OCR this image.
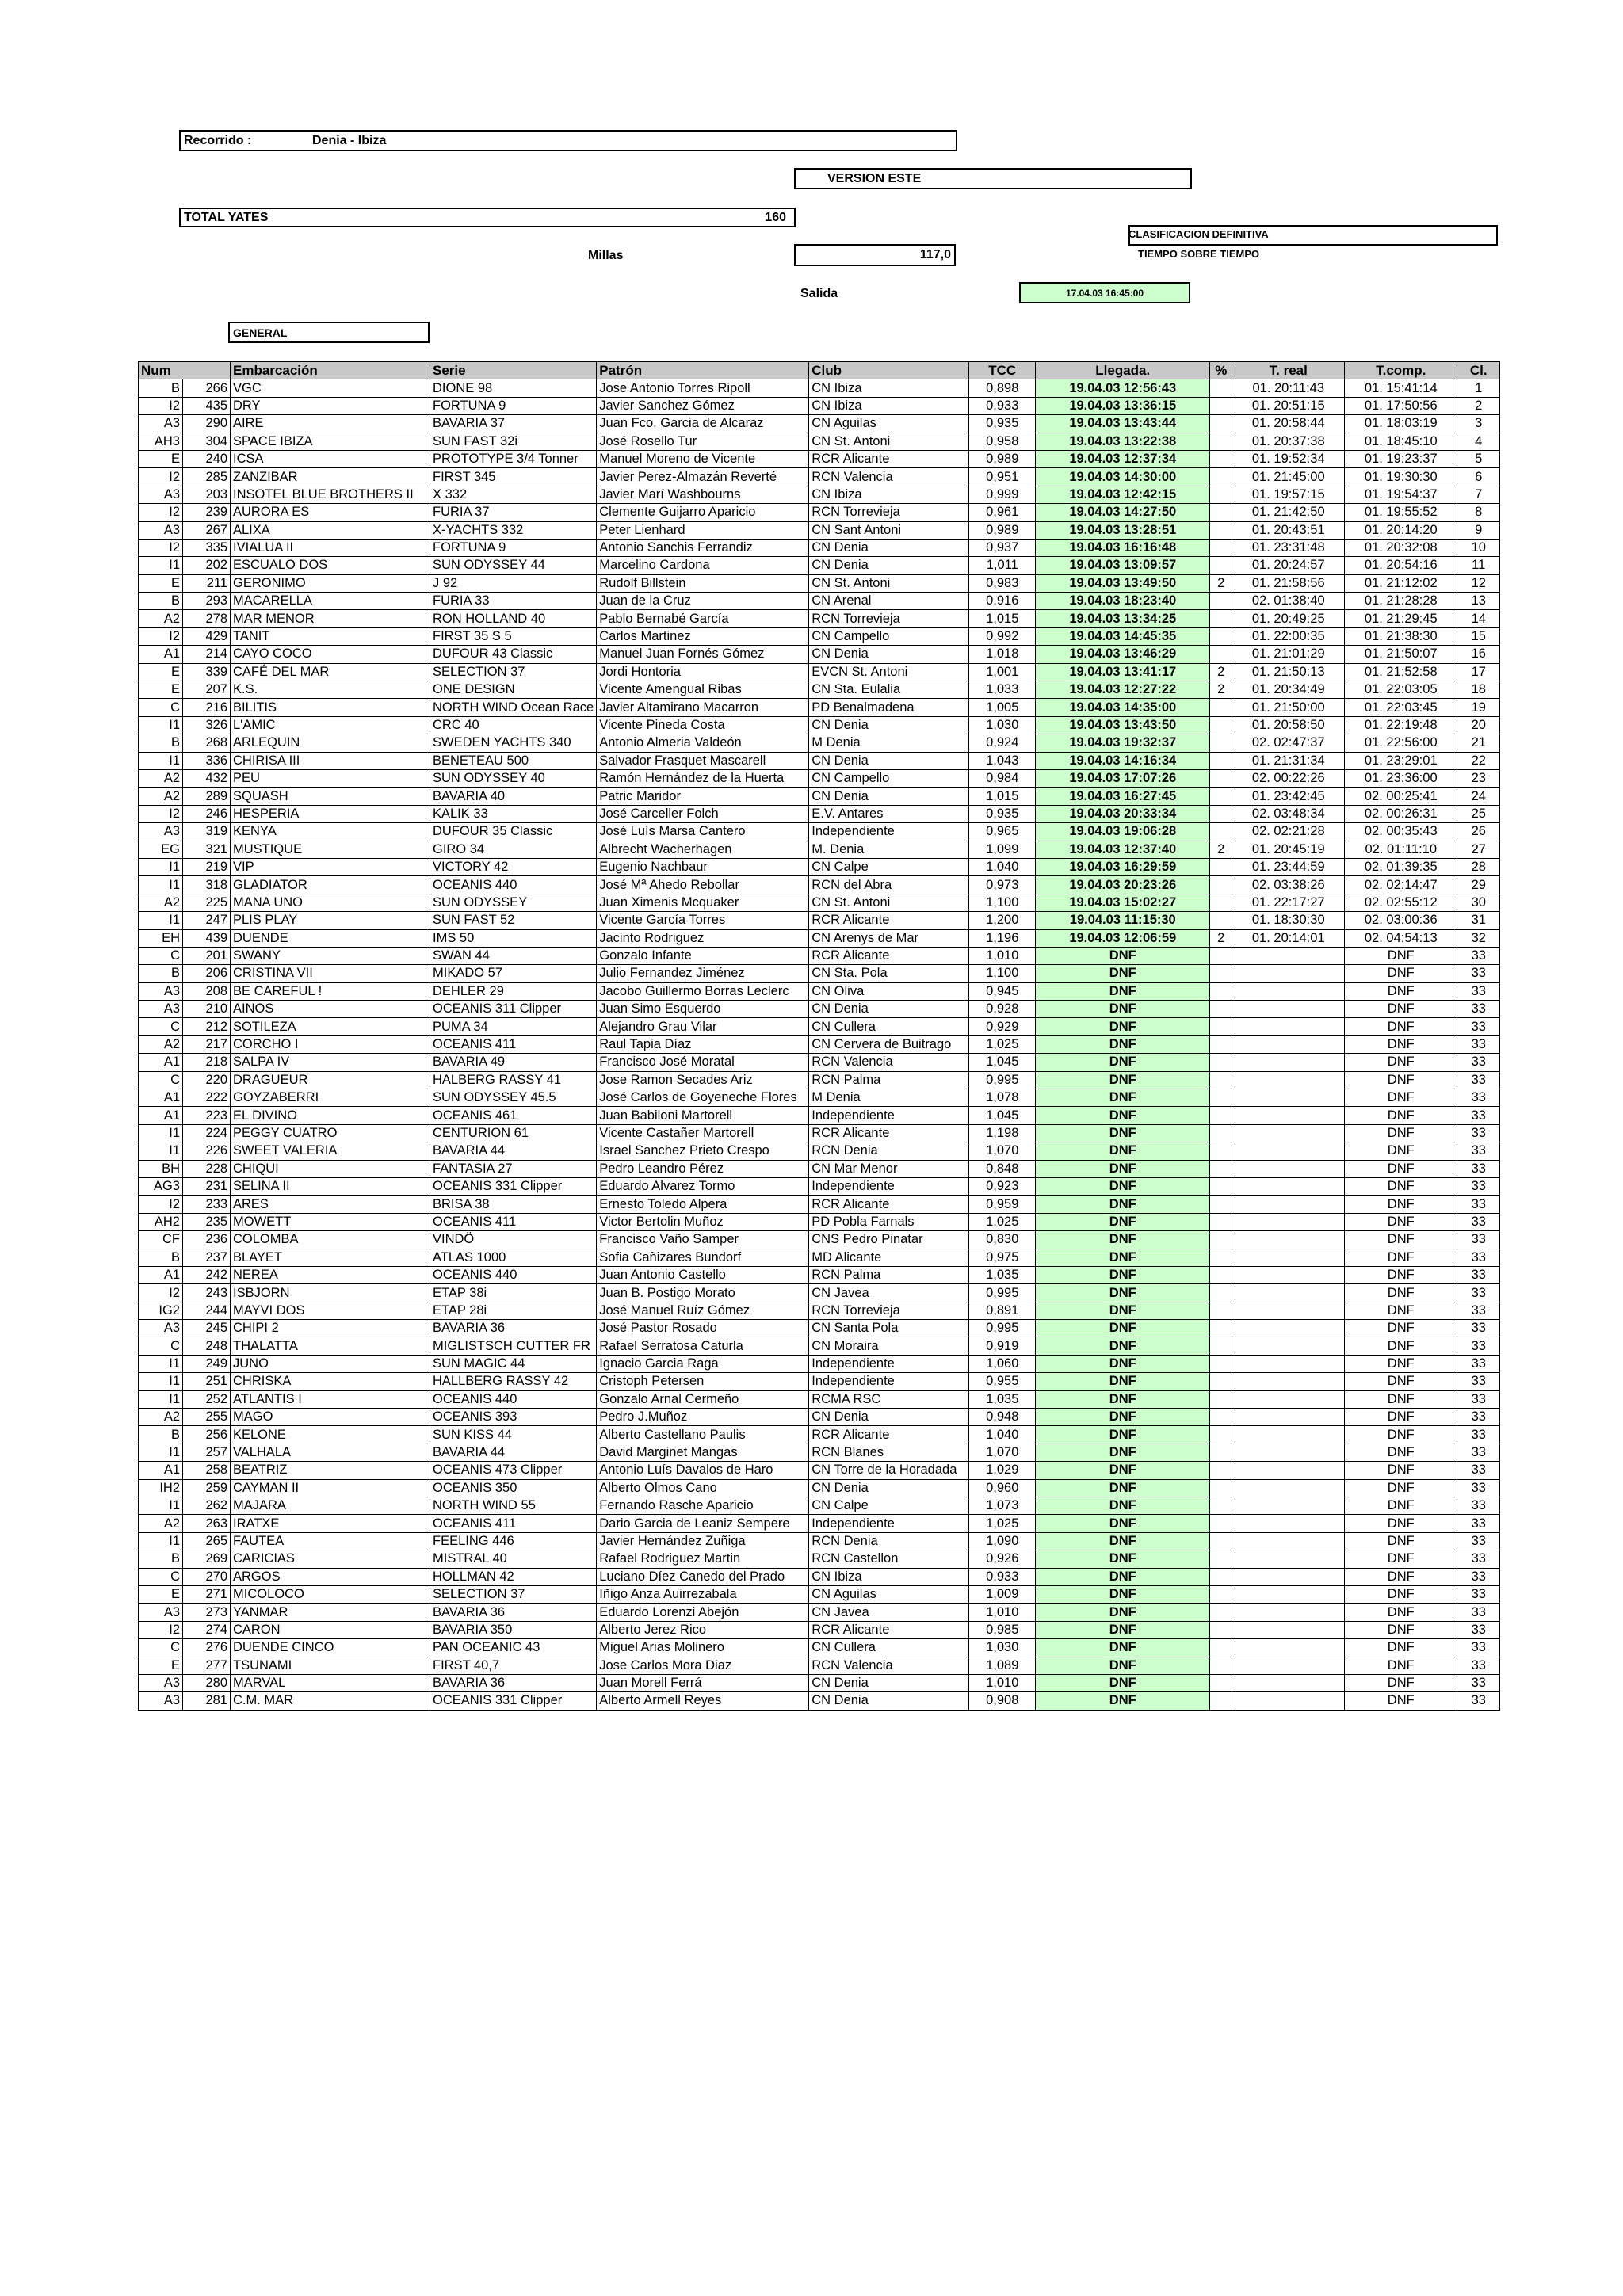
Recorrido :	Denia - Ibiza
VERSION ESTE
TOTAL YATES	160
CLASIFICACION DEFINITIVA
TIEMPO SOBRE TIEMPO
Millas	117,0
Salida	17.04.03 16:45:00
GENERAL
Num		Embarcación	Serie	Patrón	Club	TCC	Llegada.	%	T. real	T.comp.	Cl.
B	266	VGC	DIONE 98	Jose Antonio Torres Ripoll	CN Ibiza	0,898	19.04.03 12:56:43		01. 20:11:43	01. 15:41:14	1
I2	435	DRY	FORTUNA 9	Javier Sanchez Gómez	CN Ibiza	0,933	19.04.03 13:36:15		01. 20:51:15	01. 17:50:56	2
A3	290	AIRE	BAVARIA 37	Juan Fco. Garcia de Alcaraz	CN Aguilas	0,935	19.04.03 13:43:44		01. 20:58:44	01. 18:03:19	3
AH3	304	SPACE IBIZA	SUN FAST 32i	José Rosello Tur	CN St. Antoni	0,958	19.04.03 13:22:38		01. 20:37:38	01. 18:45:10	4
E	240	ICSA	PROTOTYPE 3/4 Tonner	Manuel Moreno de Vicente	RCR Alicante	0,989	19.04.03 12:37:34		01. 19:52:34	01. 19:23:37	5
I2	285	ZANZIBAR	FIRST 345	Javier Perez-Almazán Reverté	RCN Valencia	0,951	19.04.03 14:30:00		01. 21:45:00	01. 19:30:30	6
A3	203	INSOTEL BLUE BROTHERS II	X 332	Javier Marí Washbourns	CN Ibiza	0,999	19.04.03 12:42:15		01. 19:57:15	01. 19:54:37	7
I2	239	AURORA ES	FURIA 37	Clemente Guijarro Aparicio	RCN Torrevieja	0,961	19.04.03 14:27:50		01. 21:42:50	01. 19:55:52	8
A3	267	ALIXA	X-YACHTS 332	Peter Lienhard	CN Sant Antoni	0,989	19.04.03 13:28:51		01. 20:43:51	01. 20:14:20	9
I2	335	IVIALUA II	FORTUNA 9	Antonio Sanchis Ferrandiz	CN Denia	0,937	19.04.03 16:16:48		01. 23:31:48	01. 20:32:08	10
I1	202	ESCUALO DOS	SUN ODYSSEY 44	Marcelino Cardona	CN Denia	1,011	19.04.03 13:09:57		01. 20:24:57	01. 20:54:16	11
E	211	GERONIMO	J 92	Rudolf Billstein	CN St. Antoni	0,983	19.04.03 13:49:50	2	01. 21:58:56	01. 21:12:02	12
B	293	MACARELLA	FURIA 33	Juan de la Cruz	CN Arenal	0,916	19.04.03 18:23:40		02. 01:38:40	01. 21:28:28	13
A2	278	MAR MENOR	RON HOLLAND 40	Pablo Bernabé García	RCN Torrevieja	1,015	19.04.03 13:34:25		01. 20:49:25	01. 21:29:45	14
I2	429	TANIT	FIRST 35 S 5	Carlos Martinez	CN Campello	0,992	19.04.03 14:45:35		01. 22:00:35	01. 21:38:30	15
A1	214	CAYO COCO	DUFOUR 43 Classic	Manuel Juan Fornés Gómez	CN Denia	1,018	19.04.03 13:46:29		01. 21:01:29	01. 21:50:07	16
E	339	CAFÉ DEL MAR	SELECTION 37	Jordi Hontoria	EVCN St. Antoni	1,001	19.04.03 13:41:17	2	01. 21:50:13	01. 21:52:58	17
E	207	K.S.	ONE DESIGN	Vicente Amengual Ribas	CN Sta. Eulalia	1,033	19.04.03 12:27:22	2	01. 20:34:49	01. 22:03:05	18
C	216	BILITIS	NORTH WIND Ocean Race	Javier Altamirano Macarron	PD Benalmadena	1,005	19.04.03 14:35:00		01. 21:50:00	01. 22:03:45	19
I1	326	L'AMIC	CRC 40	Vicente Pineda Costa	CN Denia	1,030	19.04.03 13:43:50		01. 20:58:50	01. 22:19:48	20
B	268	ARLEQUIN	SWEDEN YACHTS 340	Antonio Almeria Valdeón	M Denia	0,924	19.04.03 19:32:37		02. 02:47:37	01. 22:56:00	21
I1	336	CHIRISA III	BENETEAU 500	Salvador Frasquet Mascarell	CN Denia	1,043	19.04.03 14:16:34		01. 21:31:34	01. 23:29:01	22
A2	432	PEU	SUN ODYSSEY 40	Ramón Hernández de la Huerta	CN Campello	0,984	19.04.03 17:07:26		02. 00:22:26	01. 23:36:00	23
A2	289	SQUASH	BAVARIA 40	Patric Maridor	CN Denia	1,015	19.04.03 16:27:45		01. 23:42:45	02. 00:25:41	24
I2	246	HESPERIA	KALIK 33	José Carceller Folch	E.V. Antares	0,935	19.04.03 20:33:34		02. 03:48:34	02. 00:26:31	25
A3	319	KENYA	DUFOUR 35 Classic	José Luís Marsa Cantero	Independiente	0,965	19.04.03 19:06:28		02. 02:21:28	02. 00:35:43	26
EG	321	MUSTIQUE	GIRO 34	Albrecht Wacherhagen	M. Denia	1,099	19.04.03 12:37:40	2	01. 20:45:19	02. 01:11:10	27
I1	219	VIP	VICTORY 42	Eugenio Nachbaur	CN Calpe	1,040	19.04.03 16:29:59		01. 23:44:59	02. 01:39:35	28
I1	318	GLADIATOR	OCEANIS 440	José Mª Ahedo Rebollar	RCN del Abra	0,973	19.04.03 20:23:26		02. 03:38:26	02. 02:14:47	29
A2	225	MANA UNO	SUN ODYSSEY	Juan Ximenis Mcquaker	CN St. Antoni	1,100	19.04.03 15:02:27		01. 22:17:27	02. 02:55:12	30
I1	247	PLIS PLAY	SUN FAST 52	Vicente García Torres	RCR Alicante	1,200	19.04.03 11:15:30		01. 18:30:30	02. 03:00:36	31
EH	439	DUENDE	IMS 50	Jacinto Rodriguez	CN Arenys de Mar	1,196	19.04.03 12:06:59	2	01. 20:14:01	02. 04:54:13	32
C	201	SWANY	SWAN 44	Gonzalo Infante	RCR Alicante	1,010	DNF			DNF	33
B	206	CRISTINA VII	MIKADO 57	Julio Fernandez Jiménez	CN Sta. Pola	1,100	DNF			DNF	33
A3	208	BE CAREFUL !	DEHLER 29	Jacobo Guillermo Borras Leclerc	CN Oliva	0,945	DNF			DNF	33
A3	210	AINOS	OCEANIS 311 Clipper	Juan Simo Esquerdo	CN Denia	0,928	DNF			DNF	33
C	212	SOTILEZA	PUMA 34	Alejandro Grau Vilar	CN Cullera	0,929	DNF			DNF	33
A2	217	CORCHO I	OCEANIS 411	Raul Tapia Díaz	CN Cervera de Buitrago	1,025	DNF			DNF	33
A1	218	SALPA IV	BAVARIA 49	Francisco José Moratal	RCN Valencia	1,045	DNF			DNF	33
C	220	DRAGUEUR	HALBERG RASSY 41	Jose Ramon Secades Ariz	RCN Palma	0,995	DNF			DNF	33
A1	222	GOYZABERRI	SUN ODYSSEY 45.5	José Carlos de Goyeneche Flores	M Denia	1,078	DNF			DNF	33
A1	223	EL DIVINO	OCEANIS 461	Juan Babiloni Martorell	Independiente	1,045	DNF			DNF	33
I1	224	PEGGY CUATRO	CENTURION 61	Vicente Castañer Martorell	RCR Alicante	1,198	DNF			DNF	33
I1	226	SWEET VALERIA	BAVARIA 44	Israel Sanchez Prieto Crespo	RCN Denia	1,070	DNF			DNF	33
BH	228	CHIQUI	FANTASIA 27	Pedro Leandro Pérez	CN Mar Menor	0,848	DNF			DNF	33
AG3	231	SELINA II	OCEANIS 331 Clipper	Eduardo Alvarez Tormo	Independiente	0,923	DNF			DNF	33
I2	233	ARES	BRISA 38	Ernesto Toledo Alpera	RCR Alicante	0,959	DNF			DNF	33
AH2	235	MOWETT	OCEANIS 411	Victor Bertolin Muñoz	PD Pobla Farnals	1,025	DNF			DNF	33
CF	236	COLOMBA	VINDÖ	Francisco Vaño Samper	CNS Pedro Pinatar	0,830	DNF			DNF	33
B	237	BLAYET	ATLAS 1000	Sofia Cañizares Bundorf	MD Alicante	0,975	DNF			DNF	33
A1	242	NEREA	OCEANIS 440	Juan Antonio Castello	RCN Palma	1,035	DNF			DNF	33
I2	243	ISBJORN	ETAP 38i	Juan B. Postigo Morato	CN Javea	0,995	DNF			DNF	33
IG2	244	MAYVI DOS	ETAP 28i	José Manuel Ruíz Gómez	RCN Torrevieja	0,891	DNF			DNF	33
A3	245	CHIPI 2	BAVARIA 36	José Pastor Rosado	CN Santa Pola	0,995	DNF			DNF	33
C	248	THALATTA	MIGLISTSCH CUTTER FR	Rafael Serratosa Caturla	CN Moraira	0,919	DNF			DNF	33
I1	249	JUNO	SUN MAGIC 44	Ignacio Garcia Raga	Independiente	1,060	DNF			DNF	33
I1	251	CHRISKA	HALLBERG RASSY 42	Cristoph Petersen	Independiente	0,955	DNF			DNF	33
I1	252	ATLANTIS I	OCEANIS 440	Gonzalo Arnal Cermeño	RCMA RSC	1,035	DNF			DNF	33
A2	255	MAGO	OCEANIS 393	Pedro J.Muñoz	CN Denia	0,948	DNF			DNF	33
B	256	KELONE	SUN KISS 44	Alberto Castellano Paulis	RCR Alicante	1,040	DNF			DNF	33
I1	257	VALHALA	BAVARIA 44	David Marginet Mangas	RCN Blanes	1,070	DNF			DNF	33
A1	258	BEATRIZ	OCEANIS 473 Clipper	Antonio Luís Davalos de Haro	CN Torre de la Horadada	1,029	DNF			DNF	33
IH2	259	CAYMAN II	OCEANIS 350	Alberto Olmos Cano	CN Denia	0,960	DNF			DNF	33
I1	262	MAJARA	NORTH WIND 55	Fernando Rasche Aparicio	CN Calpe	1,073	DNF			DNF	33
A2	263	IRATXE	OCEANIS 411	Dario Garcia de Leaniz Sempere	Independiente	1,025	DNF			DNF	33
I1	265	FAUTEA	FEELING 446	Javier Hernández Zuñiga	RCN Denia	1,090	DNF			DNF	33
B	269	CARICIAS	MISTRAL 40	Rafael Rodriguez Martin	RCN Castellon	0,926	DNF			DNF	33
C	270	ARGOS	HOLLMAN 42	Luciano Díez Canedo del Prado	CN Ibiza	0,933	DNF			DNF	33
E	271	MICOLOCO	SELECTION 37	Iñigo Anza Auirrezabala	CN Aguilas	1,009	DNF			DNF	33
A3	273	YANMAR	BAVARIA 36	Eduardo Lorenzi Abejón	CN Javea	1,010	DNF			DNF	33
I2	274	CARON	BAVARIA 350	Alberto Jerez Rico	RCR Alicante	0,985	DNF			DNF	33
C	276	DUENDE CINCO	PAN OCEANIC 43	Miguel Arias Molinero	CN Cullera	1,030	DNF			DNF	33
E	277	TSUNAMI	FIRST 40,7	Jose Carlos Mora Diaz	RCN Valencia	1,089	DNF			DNF	33
A3	280	MARVAL	BAVARIA 36	Juan Morell Ferrá	CN Denia	1,010	DNF			DNF	33
A3	281	C.M. MAR	OCEANIS 331 Clipper	Alberto Armell Reyes	CN Denia	0,908	DNF			DNF	33
